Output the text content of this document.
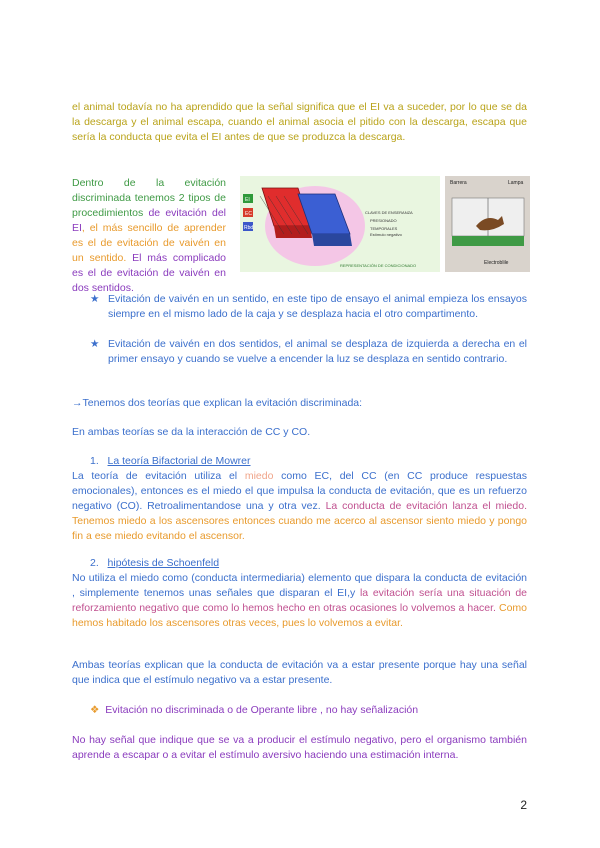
el animal todavía no ha aprendido que la señal significa que el EI va a suceder, por lo que se da la descarga y el animal escapa, cuando el animal asocia el pitido con la descarga, escapa que sería la conducta que evita el EI antes de que se produzca la descarga.

Dentro de la evitación discriminada tenemos 2 tipos de procedimientos de evitación del EI, el más sencillo de aprender es el de evitación de vaivén en un sentido. El más complicado es el de evitación de vaivén en dos sentidos.

EI
EC
Rbd
CLAVES DE ENSERANZA
PRESIONADO
TEMPORALES
Estímulo negativo
REPRESENTACIÓN DE CONDICIONADO
Barrera	Lampa
Electroblile
★ Evitación de vaivén en un sentido, en este tipo de ensayo el animal empieza los ensayos siempre en el mismo lado de la caja y se desplaza hacia el otro compartimento.
★ Evitación de vaivén en dos sentidos, el animal se desplaza de izquierda a derecha en el primer ensayo y cuando se vuelve a encender la luz se desplaza en sentido contrario.

→Tenemos dos teorías que explican la evitación discriminada:

En ambas teorías se da la interacción de CC y CO.

1. La teoría Bifactorial de Mowrer

La teoría de evitación utiliza el miedo como EC, del CC (en CC produce respuestas emocionales), entonces es el miedo el que impulsa la conducta de evitación, que es un refuerzo negativo (CO). Retroalimentandose una y otra vez. La conducta de evitación lanza el miedo. Tenemos miedo a los ascensores entonces cuando me acerco al ascensor siento miedo y pongo fin a ese miedo evitando el ascensor.

2. hipótesis de Schoenfeld

No utiliza el miedo como (conducta intermediaria) elemento que dispara la conducta de evitación , simplemente tenemos unas señales que disparan el EI,y la evitación sería una situación de reforzamiento negativo que como lo hemos hecho en otras ocasiones lo volvemos a hacer. Como hemos habitado los ascensores otras veces, pues lo volvemos a evitar.

Ambas teorías explican que la conducta de evitación va a estar presente porque hay una señal que indica que el estímulo negativo va a estar presente.

❖ Evitación no discriminada o de Operante libre , no hay señalización

No hay señal que indique que se va a producir el estímulo negativo, pero el organismo también aprende a escapar o a evitar el estímulo aversivo haciendo una estimación interna.

2
